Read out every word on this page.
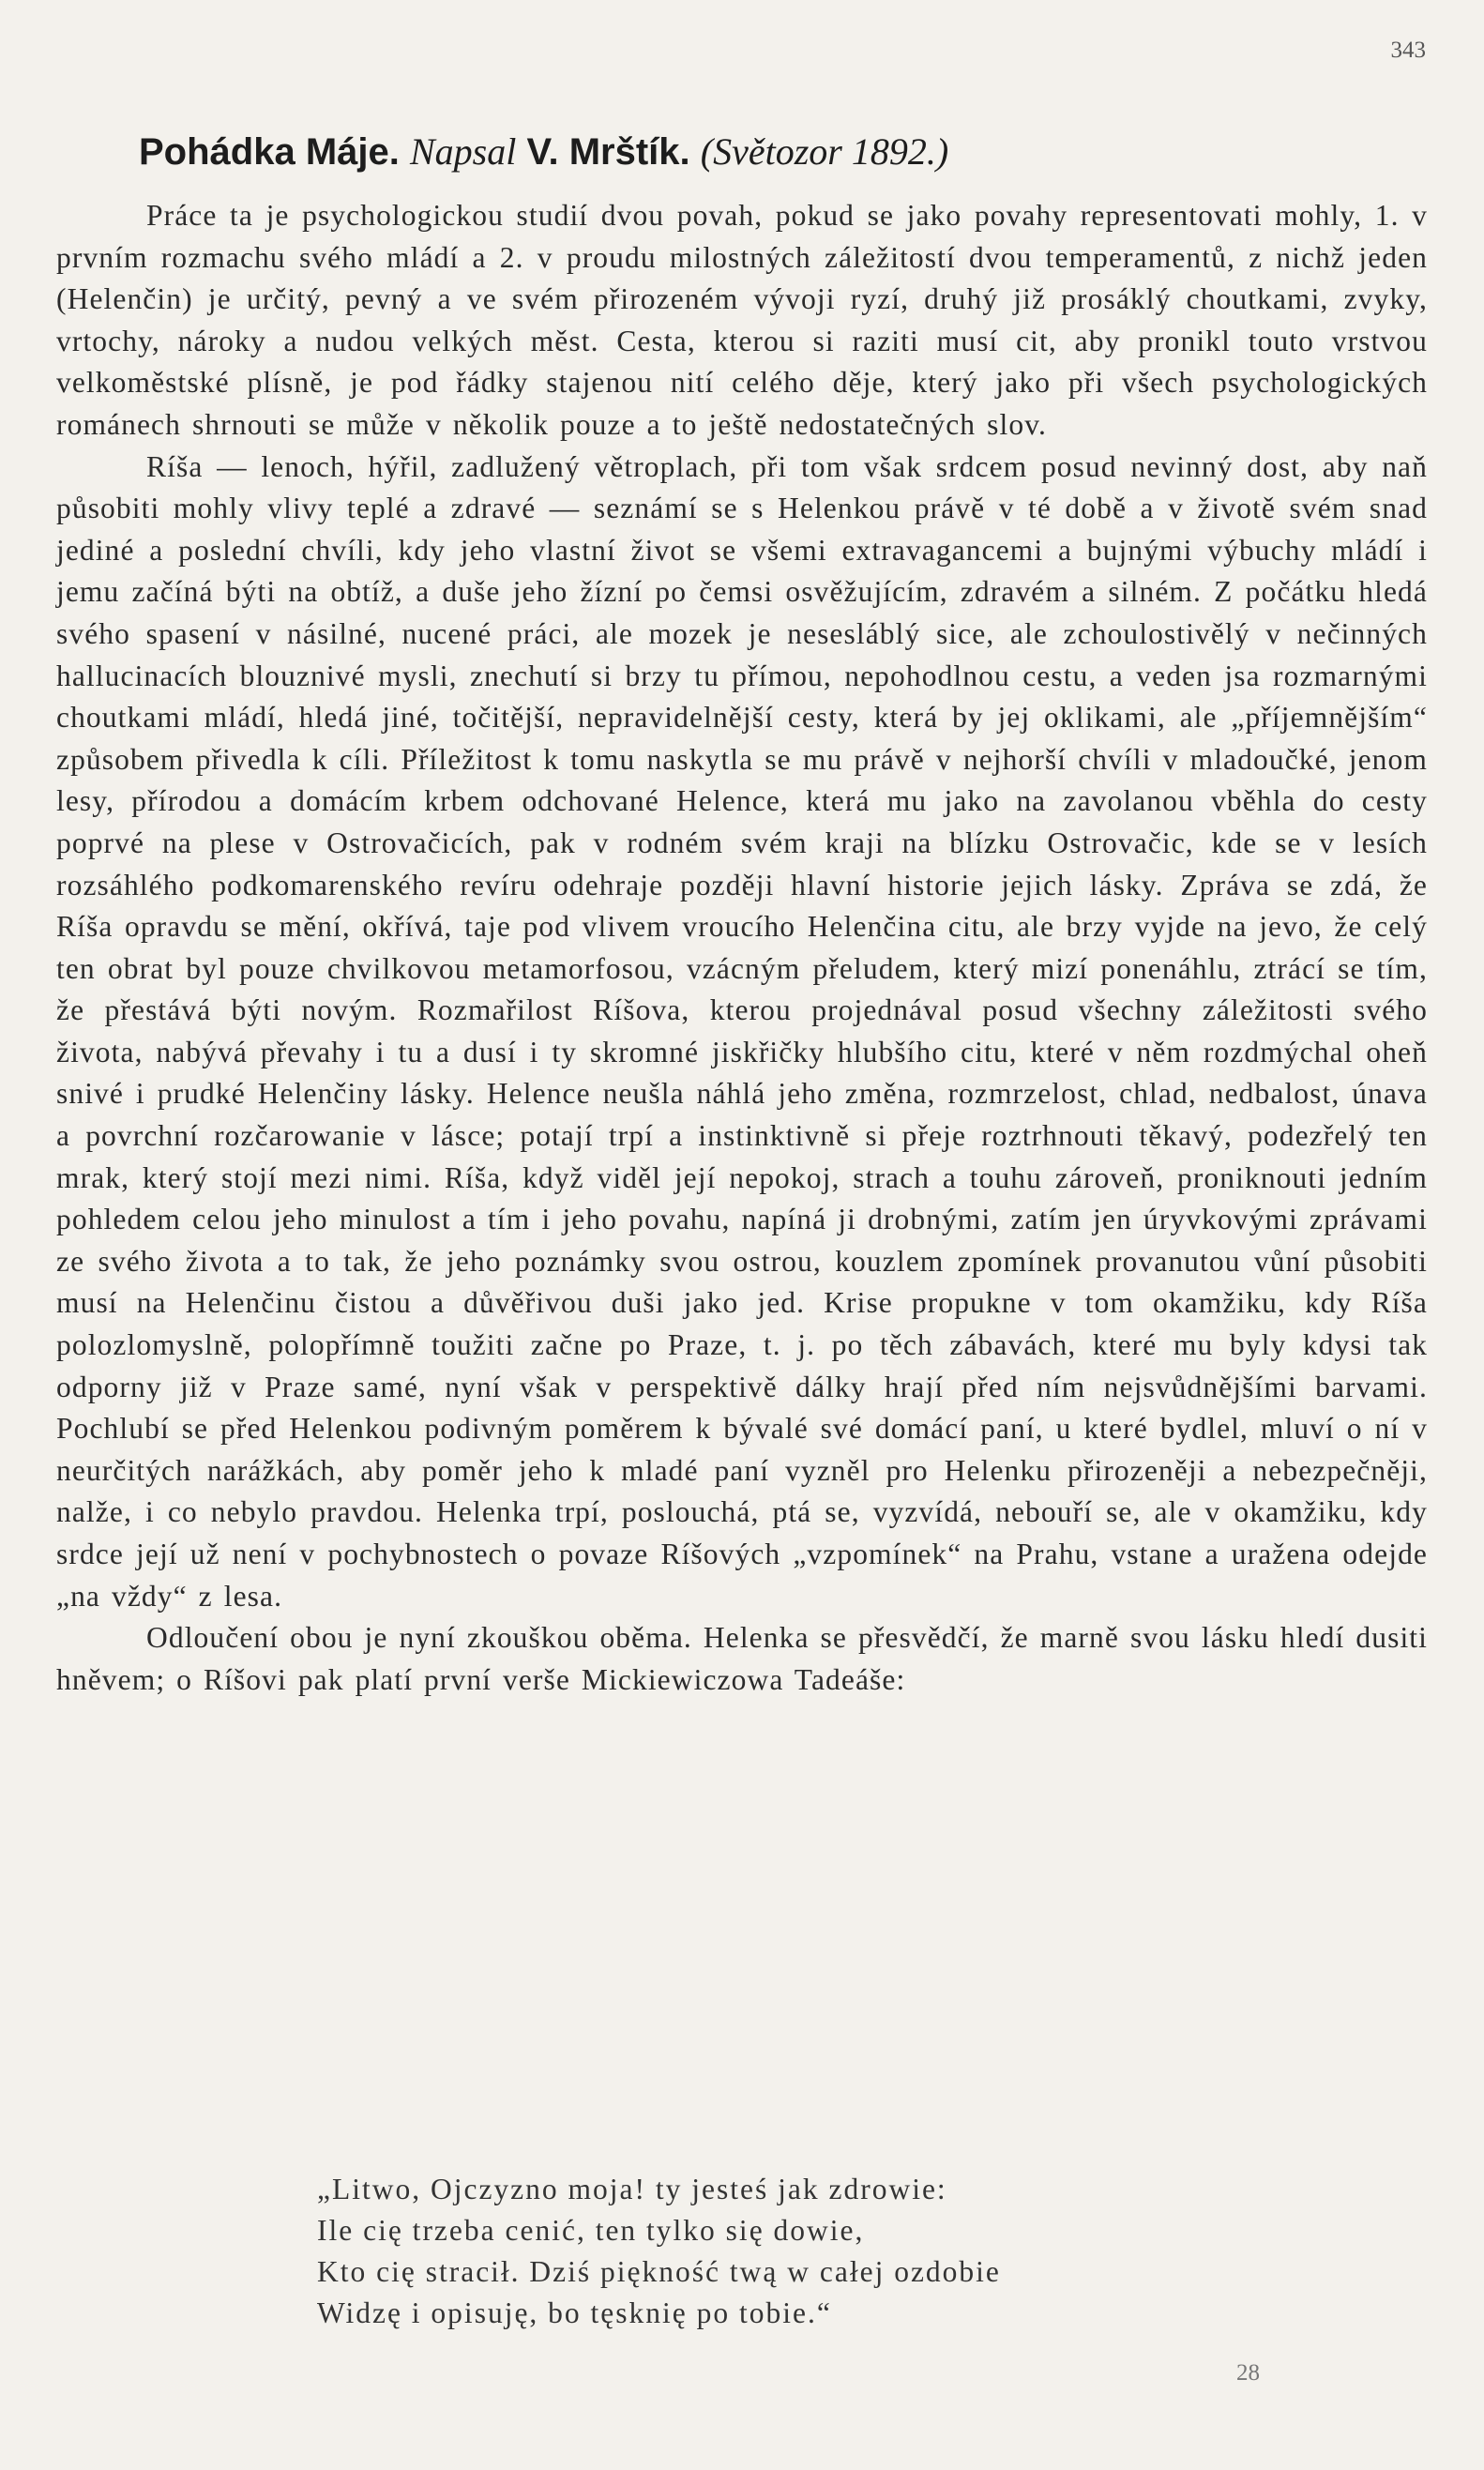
343
Pohádka Máje. Napsal V. Mrštík. (Světozor 1892.)

Práce ta je psychologickou studií dvou povah, pokud se jako povahy representovati mohly, 1. v prvním rozmachu svého mládí a 2. v proudu milostných záležitostí dvou temperamentů, z nichž jeden (Helenčin) je určitý, pevný a ve svém přirozeném vývoji ryzí, druhý již prosáklý choutkami, zvyky, vrtochy, nároky a nudou velkých měst. Cesta, kterou si raziti musí cit, aby pronikl touto vrstvou velkoměstské plísně, je pod řádky stajenou nití celého děje, který jako při všech psychologických románech shrnouti se může v několik pouze a to ještě nedostatečných slov.

Ríša — lenoch, hýřil, zadlužený větroplach, při tom však srdcem posud nevinný dost, aby naň působiti mohly vlivy teplé a zdravé — seznámí se s Helenkou právě v té době a v životě svém snad jediné a poslední chvíli, kdy jeho vlastní život se všemi extravagancemi a bujnými výbuchy mládí i jemu začíná býti na obtíž, a duše jeho žízní po čemsi osvěžujícím, zdravém a silném. Z počátku hledá svého spasení v násilné, nucené práci, ale mozek je nesesláblý sice, ale zchoulostivělý v nečinných hallucinacích blouznivé mysli, znechutí si brzy tu přímou, nepohodlnou cestu, a veden jsa rozmarnými choutkami mládí, hledá jiné, točitější, nepravidelnější cesty, která by jej oklikami, ale „příjemnějším“ způsobem přivedla k cíli. Příležitost k tomu naskytla se mu právě v nejhorší chvíli v mladoučké, jenom lesy, přírodou a domácím krbem odchované Helence, která mu jako na zavolanou vběhla do cesty poprvé na plese v Ostrovačicích, pak v rodném svém kraji na blízku Ostrovačic, kde se v lesích rozsáhlého podkomarenského revíru odehraje později hlavní historie jejich lásky. Zpráva se zdá, že Ríša opravdu se mění, okřívá, taje pod vlivem vroucího Helenčina citu, ale brzy vyjde na jevo, že celý ten obrat byl pouze chvilkovou metamorfosou, vzácným přeludem, který mizí ponenáhlu, ztrácí se tím, že přestává býti novým. Rozmařilost Ríšova, kterou projednával posud všechny záležitosti svého života, nabývá převahy i tu a dusí i ty skromné jiskřičky hlubšího citu, které v něm rozdmýchal oheň snivé i prudké Helenčiny lásky. Helence neušla náhlá jeho změna, rozmrzelost, chlad, nedbalost, únava a povrchní rozčarowanie v lásce; potají trpí a instinktivně si přeje roztrhnouti těkavý, podezřelý ten mrak, který stojí mezi nimi. Ríša, když viděl její nepokoj, strach a touhu zároveň, proniknouti jedním pohledem celou jeho minulost a tím i jeho povahu, napíná ji drobnými, zatím jen úryvkovými zprávami ze svého života a to tak, že jeho poznámky svou ostrou, kouzlem zpomínek provanutou vůní působiti musí na Helenčinu čistou a důvěřivou duši jako jed. Krise propukne v tom okamžiku, kdy Ríša polozlomyslně, polopřímně toužiti začne po Praze, t. j. po těch zábavách, které mu byly kdysi tak odporny již v Praze samé, nyní však v perspektivě dálky hrají před ním nejsvůdnějšími barvami. Pochlubí se před Helenkou podivným poměrem k bývalé své domácí paní, u které bydlel, mluví o ní v neurčitých narážkách, aby poměr jeho k mladé paní vyzněl pro Helenku přirozeněji a nebezpečněji, nalže, i co nebylo pravdou. Helenka trpí, poslouchá, ptá se, vyzvídá, nebouří se, ale v okamžiku, kdy srdce její už není v pochybnostech o povaze Ríšových „vzpomínek“ na Prahu, vstane a uražena odejde „na vždy“ z lesa.

Odloučení obou je nyní zkouškou oběma. Helenka se přesvědčí, že marně svou lásku hledí dusiti hněvem; o Ríšovi pak platí první verše Mickiewiczowa Tadeáše:

„Litwo, Ojczyzno moja! ty jesteś jak zdrowie:
Ile cię trzeba cenić, ten tylko się dowie,
Kto cię stracił. Dziś piękność twą w całej ozdobie
Widzę i opisuję, bo tęsknię po tobie.“
28
